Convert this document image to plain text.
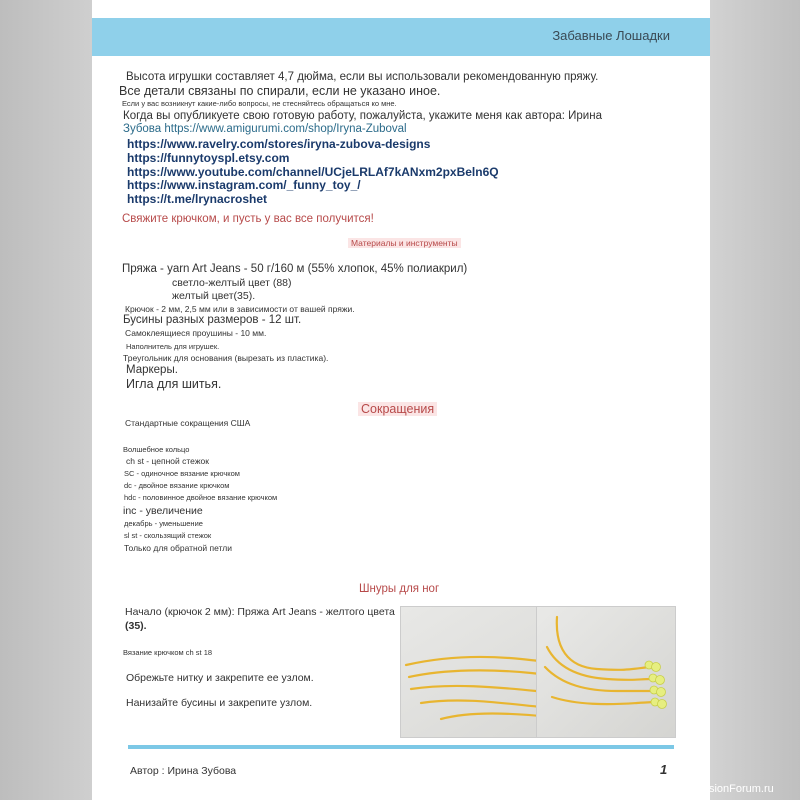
Забавные Лошадки
Высота игрушки составляет 4,7 дюйма, если вы использовали рекомендованную пряжу.
Все детали связаны по спирали, если не указано иное.
Если у вас возникнут какие-либо вопросы, не стесняйтесь обращаться ко мне.
Когда вы опубликуете свою готовую работу, пожалуйста, укажите меня как автора: Ирина
Зубова https://www.amigurumi.com/shop/Iryna-Zuboval
https://www.ravelry.com/stores/iryna-zubova-designs
https://funnytoyspl.etsy.com
https://www.youtube.com/channel/UCjeLRLAf7kANxm2pxBeln6Q
https://www.instagram.com/_funny_toy_/
https://t.me/lrynacroshet
Свяжите крючком, и пусть у вас все получится!
Материалы и инструменты
Пряжа - yarn Art Jeans - 50 г/160 м (55% хлопок, 45% полиакрил)
светло-желтый цвет (88)
желтый цвет(35).
Крючок - 2 мм, 2,5 мм или в зависимости от вашей пряжи.
Бусины разных размеров - 12 шт.
Самоклеящиеся проушины - 10 мм.
Наполнитель для игрушек.
Треугольник для основания (вырезать из пластика).
Маркеры.
Игла для шитья.
Сокращения
Стандартные сокращения США
Волшебное кольцо
ch st - цепной стежок
SC - одиночное вязание крючком
dc - двойное вязание крючком
hdc - половинное двойное вязание крючком
inc - увеличение
декабрь - уменьшение
sl st - скользящий стежок
Только для обратной петли
Шнуры для ног
Начало (крючок 2 мм): Пряжа Art Jeans - желтого цвета
(35).
Вязание крючком ch st 18
Обрежьте нитку и закрепите ее узлом.
Нанизайте бусины и закрепите узлом.
Автор : Ирина Зубова	1
PassionForum.ru
